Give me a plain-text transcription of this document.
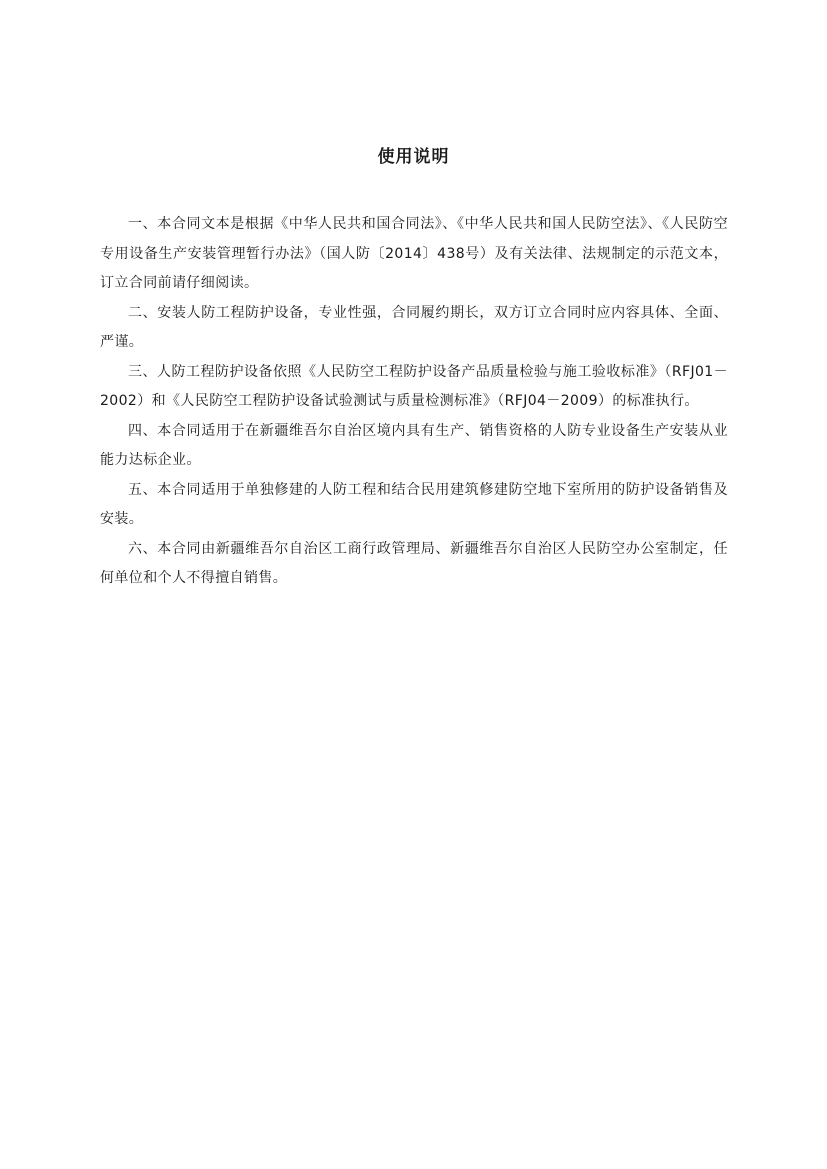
使用说明

一、本合同文本是根据《中华人民共和国合同法》、《中华人民共和国人民防空法》、《人民防空专用设备生产安装管理暂行办法》（国人防〔2014〕438号）及有关法律、法规制定的示范文本，订立合同前请仔细阅读。

二、安装人防工程防护设备，专业性强，合同履约期长，双方订立合同时应内容具体、全面、严谨。

三、人防工程防护设备依照《人民防空工程防护设备产品质量检验与施工验收标准》（RFJ01－2002）和《人民防空工程防护设备试验测试与质量检测标准》（RFJ04－2009）的标准执行。

四、本合同适用于在新疆维吾尔自治区境内具有生产、销售资格的人防专业设备生产安装从业能力达标企业。

五、本合同适用于单独修建的人防工程和结合民用建筑修建防空地下室所用的防护设备销售及安装。

六、本合同由新疆维吾尔自治区工商行政管理局、新疆维吾尔自治区人民防空办公室制定，任何单位和个人不得擅自销售。
